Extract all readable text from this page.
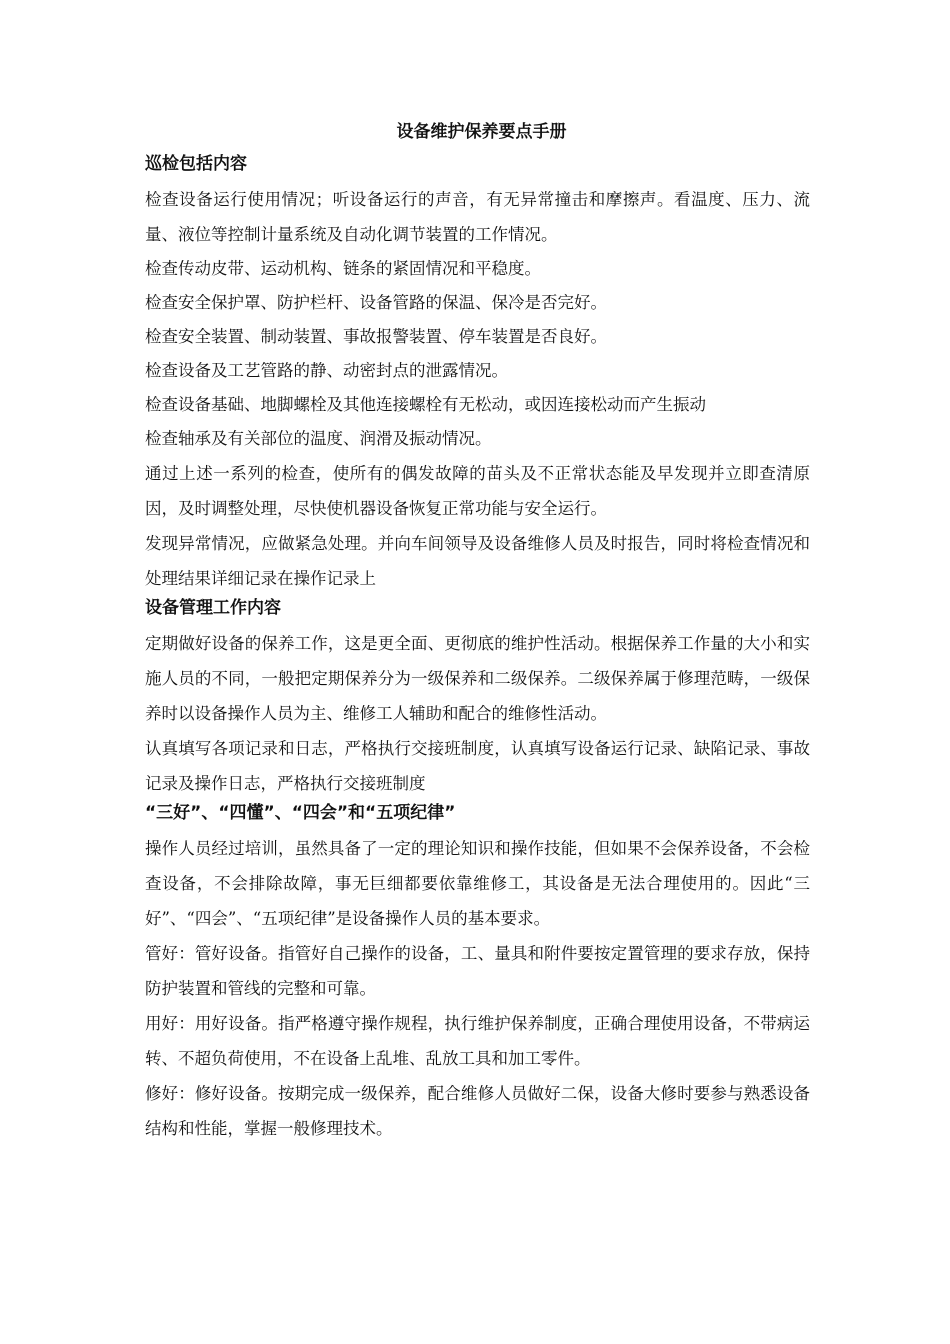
设备维护保养要点手册
巡检包括内容

检查设备运行使用情况；听设备运行的声音，有无异常撞击和摩擦声。看温度、压力、流量、液位等控制计量系统及自动化调节装置的工作情况。

检查传动皮带、运动机构、链条的紧固情况和平稳度。

检查安全保护罩、防护栏杆、设备管路的保温、保冷是否完好。

检查安全装置、制动装置、事故报警装置、停车装置是否良好。

检查设备及工艺管路的静、动密封点的泄露情况。

检查设备基础、地脚螺栓及其他连接螺栓有无松动，或因连接松动而产生振动

检查轴承及有关部位的温度、润滑及振动情况。

通过上述一系列的检查，使所有的偶发故障的苗头及不正常状态能及早发现并立即查清原因，及时调整处理，尽快使机器设备恢复正常功能与安全运行。

发现异常情况，应做紧急处理。并向车间领导及设备维修人员及时报告，同时将检查情况和处理结果详细记录在操作记录上

设备管理工作内容

定期做好设备的保养工作，这是更全面、更彻底的维护性活动。根据保养工作量的大小和实施人员的不同，一般把定期保养分为一级保养和二级保养。二级保养属于修理范畴，一级保养时以设备操作人员为主、维修工人辅助和配合的维修性活动。

认真填写各项记录和日志，严格执行交接班制度，认真填写设备运行记录、缺陷记录、事故记录及操作日志，严格执行交接班制度

“三好”、“四懂”、“四会”和“五项纪律”

操作人员经过培训，虽然具备了一定的理论知识和操作技能，但如果不会保养设备，不会检查设备，不会排除故障，事无巨细都要依靠维修工，其设备是无法合理使用的。因此“三好”、“四会”、“五项纪律”是设备操作人员的基本要求。

管好：管好设备。指管好自己操作的设备，工、量具和附件要按定置管理的要求存放，保持防护装置和管线的完整和可靠。

用好：用好设备。指严格遵守操作规程，执行维护保养制度，正确合理使用设备，不带病运转、不超负荷使用，不在设备上乱堆、乱放工具和加工零件。

修好：修好设备。按期完成一级保养，配合维修人员做好二保，设备大修时要参与熟悉设备结构和性能，掌握一般修理技术。
